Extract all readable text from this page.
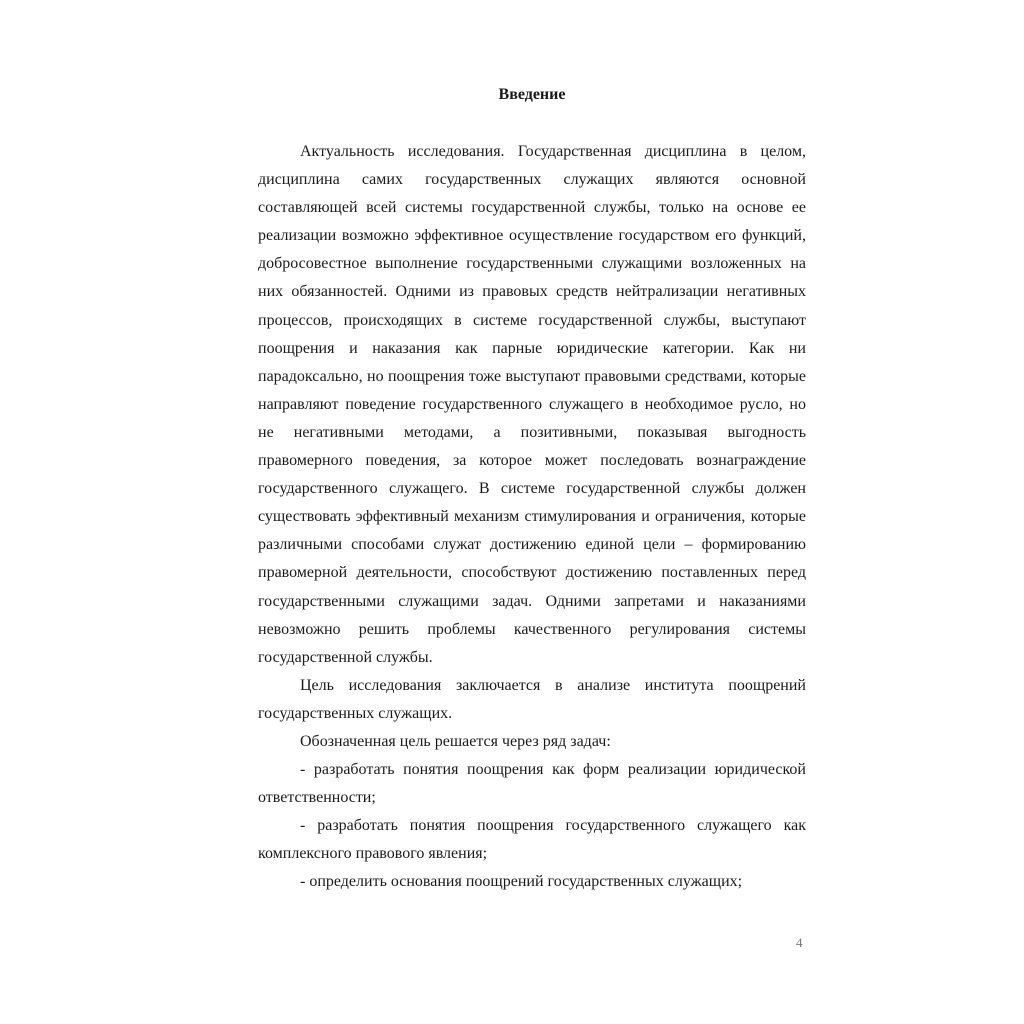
Введение

Актуальность исследования. Государственная дисциплина в целом, дисциплина самих государственных служащих являются основной составляющей всей системы государственной службы, только на основе ее реализации возможно эффективное осуществление государством его функций, добросовестное выполнение государственными служащими возложенных на них обязанностей. Одними из правовых средств нейтрализации негативных процессов, происходящих в системе государственной службы, выступают поощрения и наказания как парные юридические категории. Как ни парадоксально, но поощрения тоже выступают правовыми средствами, которые направляют поведение государственного служащего в необходимое русло, но не негативными методами, а позитивными, показывая выгодность правомерного поведения, за которое может последовать вознаграждение государственного служащего. В системе государственной службы должен существовать эффективный механизм стимулирования и ограничения, которые различными способами служат достижению единой цели – формированию правомерной деятельности, способствуют достижению поставленных перед государственными служащими задач. Одними запретами и наказаниями невозможно решить проблемы качественного регулирования системы государственной службы.

Цель исследования заключается в анализе института поощрений государственных служащих.

Обозначенная цель решается через ряд задач:

- разработать понятия поощрения как форм реализации юридической ответственности;

- разработать понятия поощрения государственного служащего как комплексного правового явления;

- определить основания поощрений государственных служащих;

4
